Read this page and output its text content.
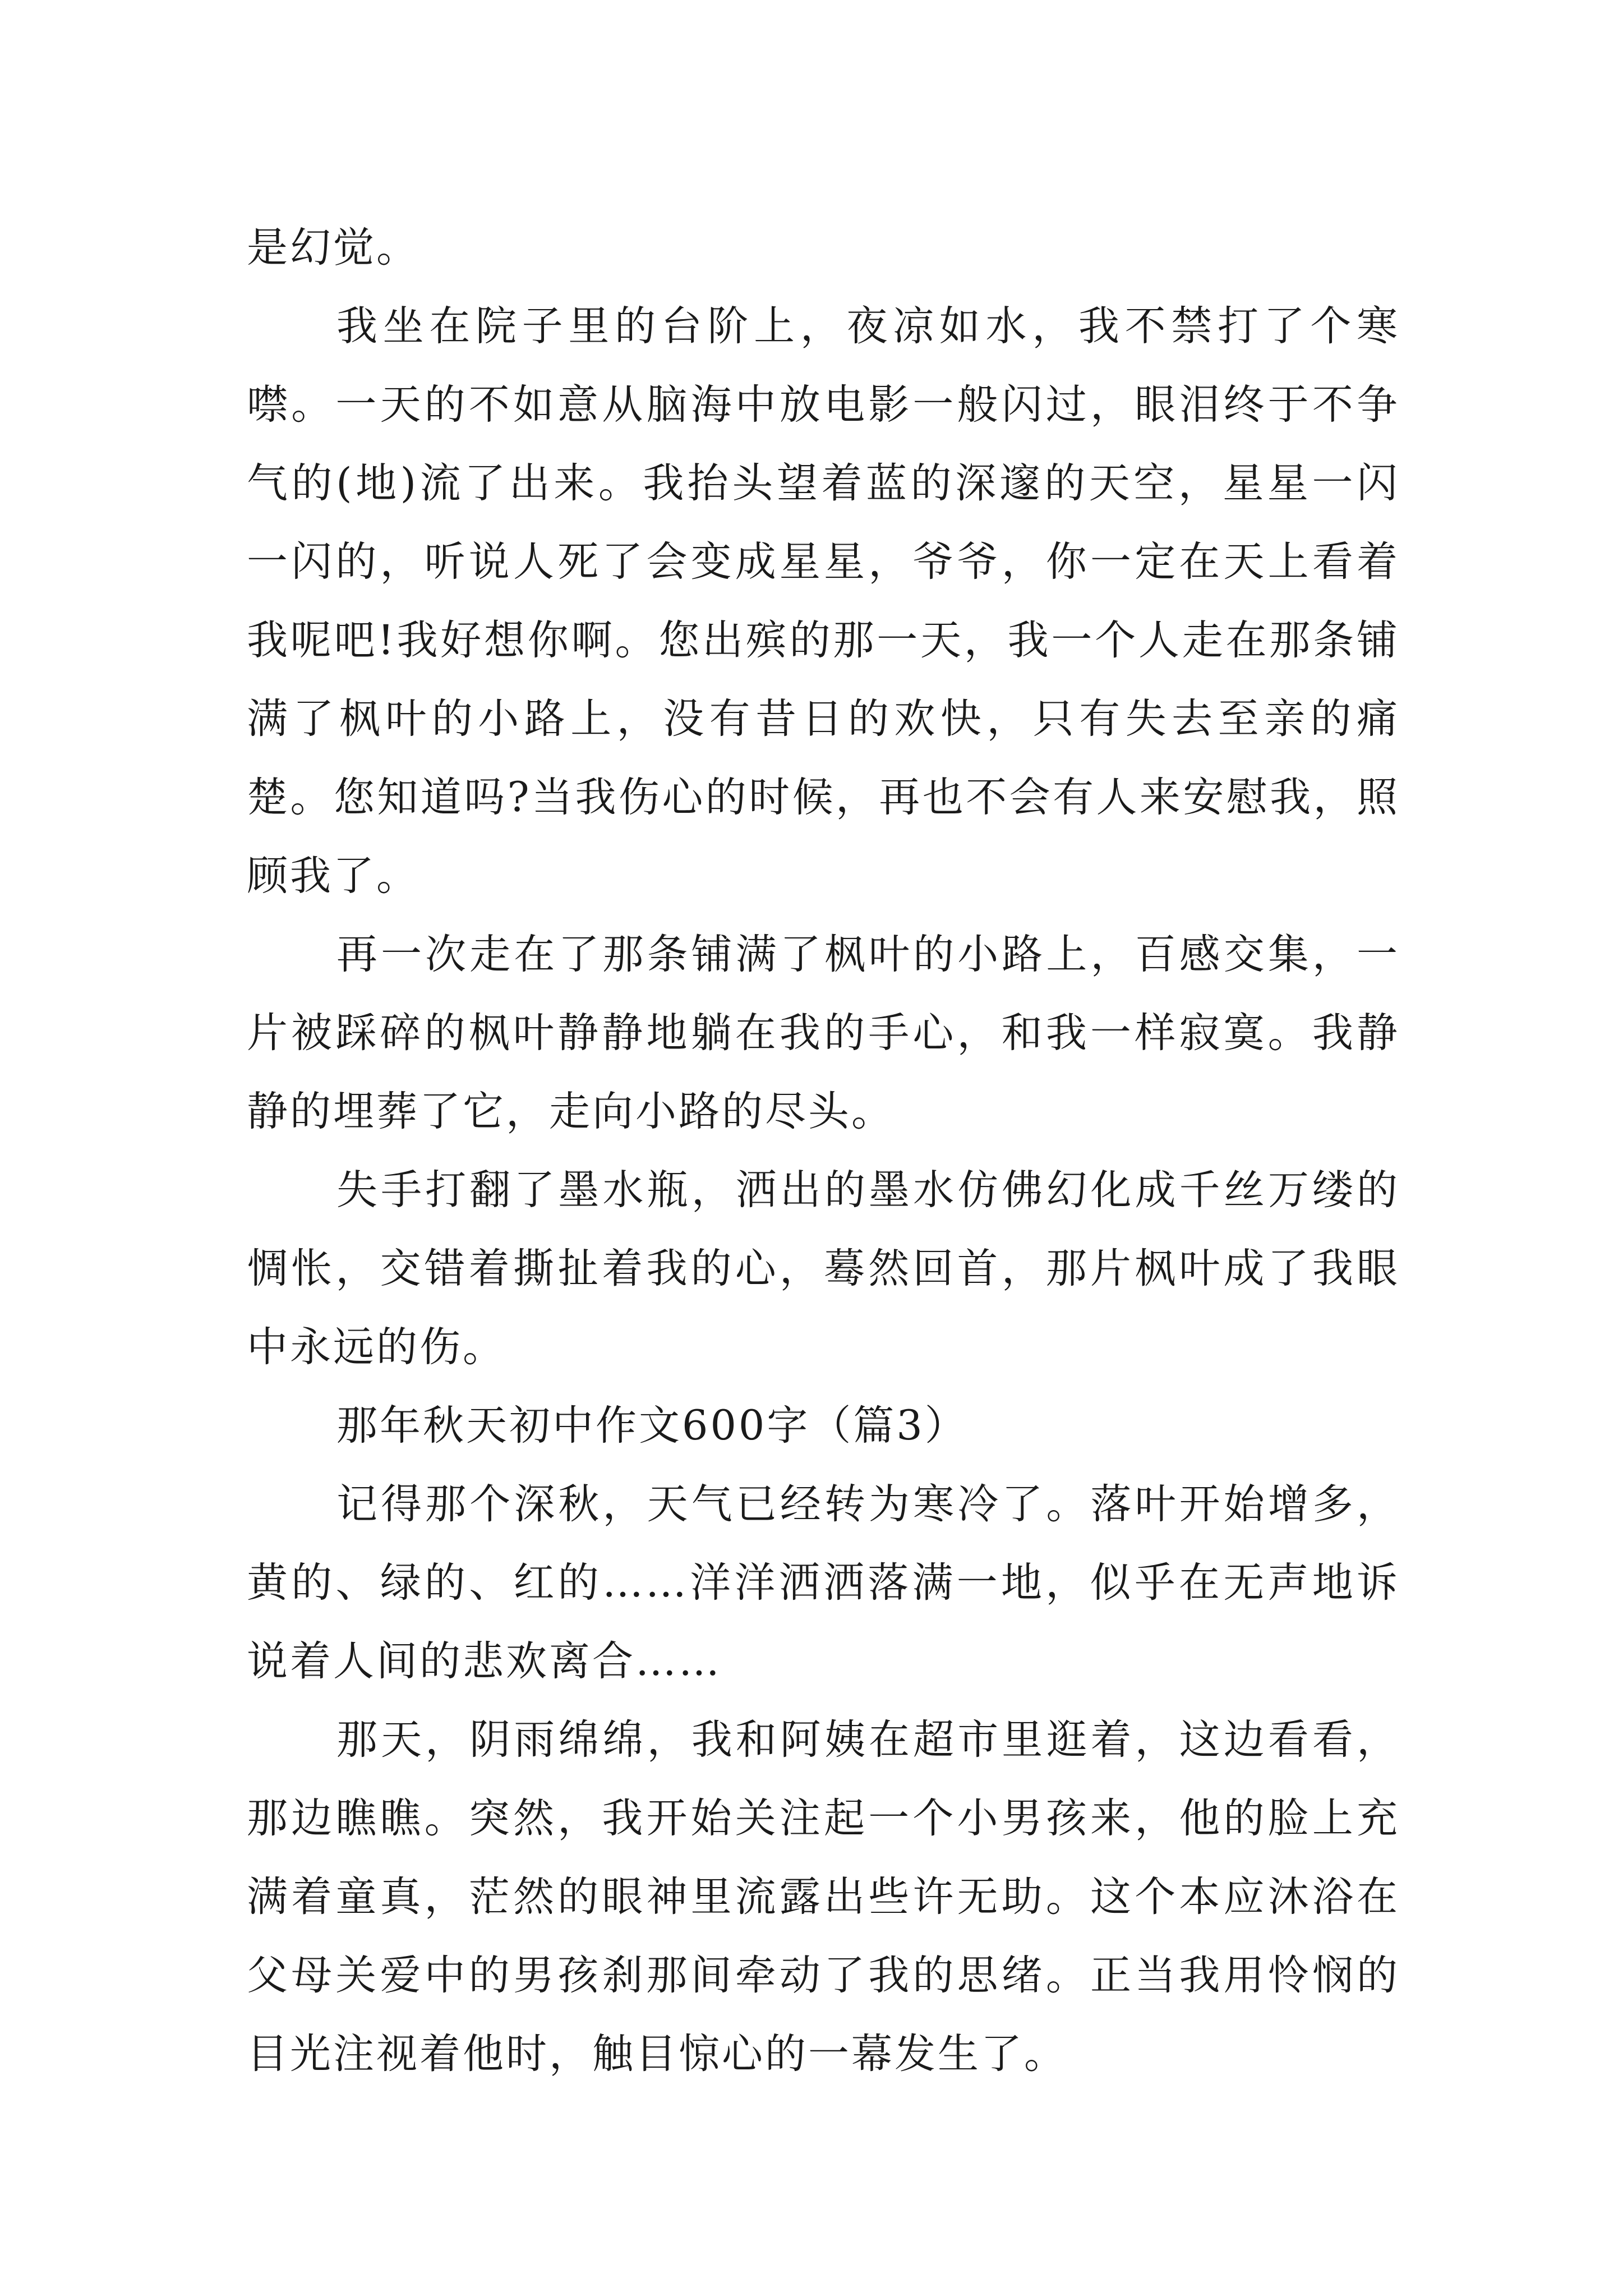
是幻觉。

我坐在院子里的台阶上，夜凉如水，我不禁打了个寒噤。一天的不如意从脑海中放电影一般闪过，眼泪终于不争气的(地)流了出来。我抬头望着蓝的深邃的天空，星星一闪一闪的，听说人死了会变成星星，爷爷，你一定在天上看着我呢吧!我好想你啊。您出殡的那一天，我一个人走在那条铺满了枫叶的小路上，没有昔日的欢快，只有失去至亲的痛楚。您知道吗?当我伤心的时候，再也不会有人来安慰我，照顾我了。

再一次走在了那条铺满了枫叶的小路上，百感交集，一片被踩碎的枫叶静静地躺在我的手心，和我一样寂寞。我静静的埋葬了它，走向小路的尽头。

失手打翻了墨水瓶，洒出的墨水仿佛幻化成千丝万缕的惆怅，交错着撕扯着我的心，蓦然回首，那片枫叶成了我眼中永远的伤。

那年秋天初中作文600字（篇3）

记得那个深秋，天气已经转为寒冷了。落叶开始增多，黄的、绿的、红的……洋洋洒洒落满一地，似乎在无声地诉说着人间的悲欢离合……

那天，阴雨绵绵，我和阿姨在超市里逛着，这边看看，那边瞧瞧。突然，我开始关注起一个小男孩来，他的脸上充满着童真，茫然的眼神里流露出些许无助。这个本应沐浴在父母关爱中的男孩刹那间牵动了我的思绪。正当我用怜悯的目光注视着他时，触目惊心的一幕发生了。
